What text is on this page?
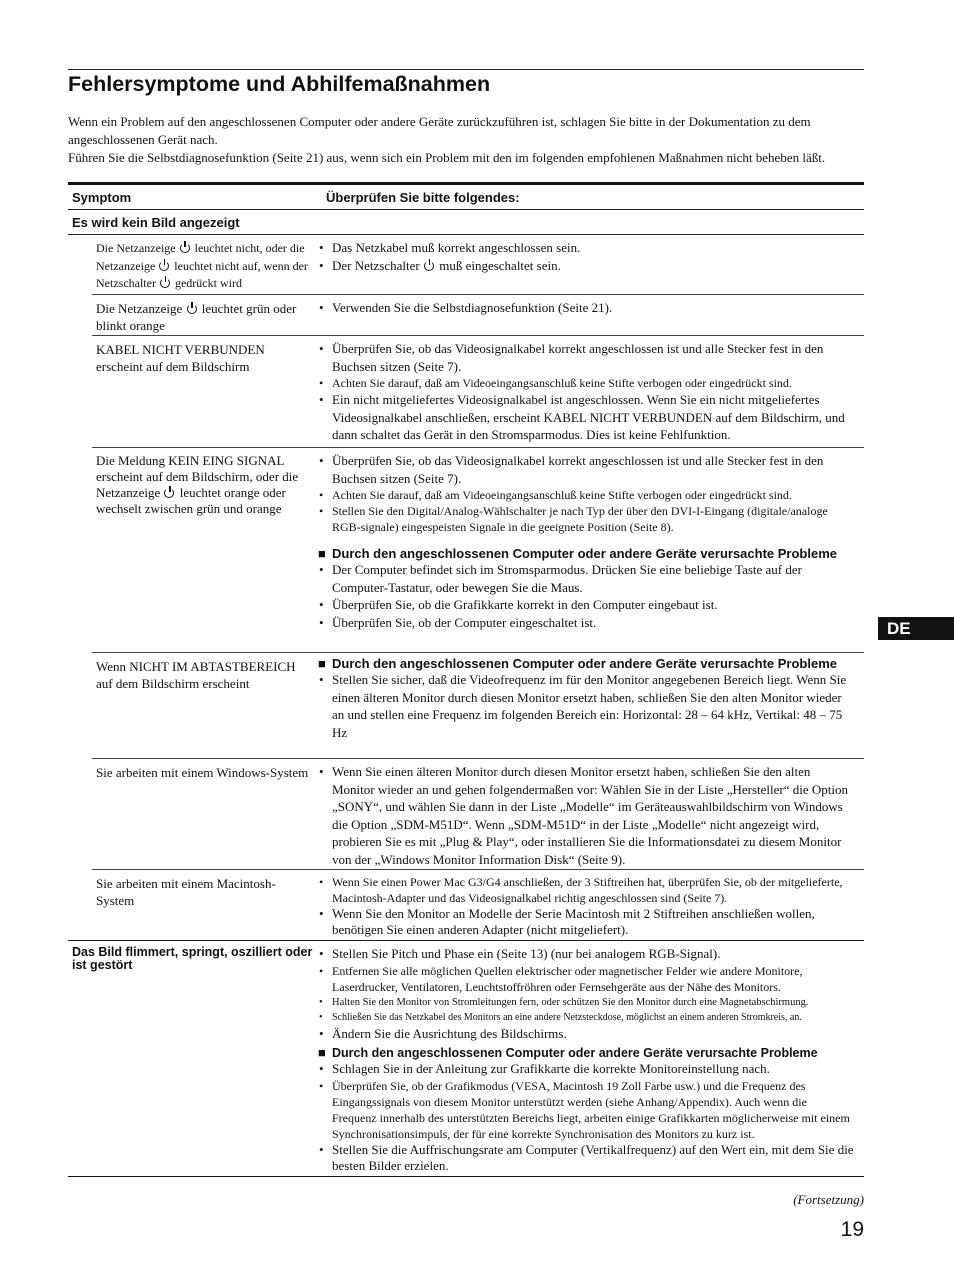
Fehlersymptome und Abhilfemaßnahmen

Wenn ein Problem auf den angeschlossenen Computer oder andere Geräte zurückzuführen ist, schlagen Sie bitte in der Dokumentation zu dem angeschlossenen Gerät nach.

Führen Sie die Selbstdiagnosefunktion (Seite 21) aus, wenn sich ein Problem mit den im folgenden empfohlenen Maßnahmen nicht beheben läßt.

Symptom	Überprüfen Sie bitte folgendes:
Es wird kein Bild angezeigt
Die Netzanzeige leuchtet nicht, oder die Netzanzeige leuchtet nicht auf, wenn der Netzschalter gedrückt wird
• Das Netzkabel muß korrekt angeschlossen sein.
• Der Netzschalter muß eingeschaltet sein.
Die Netzanzeige leuchtet grün oder blinkt orange
• Verwenden Sie die Selbstdiagnosefunktion (Seite 21).
KABEL NICHT VERBUNDEN erscheint auf dem Bildschirm
• Überprüfen Sie, ob das Videosignalkabel korrekt angeschlossen ist und alle Stecker fest in den Buchsen sitzen (Seite 7).
• Achten Sie darauf, daß am Videoeingangsanschluß keine Stifte verbogen oder eingedrückt sind.
• Ein nicht mitgeliefertes Videosignalkabel ist angeschlossen. Wenn Sie ein nicht mitgeliefertes Videosignalkabel anschließen, erscheint KABEL NICHT VERBUNDEN auf dem Bildschirm, und dann schaltet das Gerät in den Stromsparmodus. Dies ist keine Fehlfunktion.
Die Meldung KEIN EING SIGNAL erscheint auf dem Bildschirm, oder die Netzanzeige leuchtet orange oder wechselt zwischen grün und orange
• Überprüfen Sie, ob das Videosignalkabel korrekt angeschlossen ist und alle Stecker fest in den Buchsen sitzen (Seite 7).
• Achten Sie darauf, daß am Videoeingangsanschluß keine Stifte verbogen oder eingedrückt sind.
• Stellen Sie den Digital/Analog-Wählschalter je nach Typ der über den DVI-I-Eingang (digitale/analoge RGB-signale) eingespeisten Signale in die geeignete Position (Seite 8).
■ Durch den angeschlossenen Computer oder andere Geräte verursachte Probleme
• Der Computer befindet sich im Stromsparmodus. Drücken Sie eine beliebige Taste auf der Computer-Tastatur, oder bewegen Sie die Maus.
• Überprüfen Sie, ob die Grafikkarte korrekt in den Computer eingebaut ist.
• Überprüfen Sie, ob der Computer eingeschaltet ist.
Wenn NICHT IM ABTASTBEREICH auf dem Bildschirm erscheint
■ Durch den angeschlossenen Computer oder andere Geräte verursachte Probleme
• Stellen Sie sicher, daß die Videofrequenz im für den Monitor angegebenen Bereich liegt. Wenn Sie einen älteren Monitor durch diesen Monitor ersetzt haben, schließen Sie den alten Monitor wieder an und stellen eine Frequenz im folgenden Bereich ein: Horizontal: 28 – 64 kHz, Vertikal: 48 – 75 Hz
Sie arbeiten mit einem Windows-System
•	Wenn Sie einen älteren Monitor durch diesen Monitor ersetzt haben, schließen Sie den alten Monitor wieder an und gehen folgendermaßen vor: Wählen Sie in der Liste „Hersteller“ die Option „SONY“, und wählen Sie dann in der Liste „Modelle“ im Geräteauswahlbildschirm von Windows die Option „SDM-M51D“. Wenn „SDM-M51D“ in der Liste „Modelle“ nicht angezeigt wird, probieren Sie es mit „Plug & Play“, oder installieren Sie die Informationsdatei zu diesem Monitor von der „Windows Monitor Information Disk“ (Seite 9).
Sie arbeiten mit einem Macintosh-System
• Wenn Sie einen Power Mac G3/G4 anschließen, der 3 Stiftreihen hat, überprüfen Sie, ob der mitgelieferte, Macintosh-Adapter und das Videosignalkabel richtig angeschlossen sind (Seite 7).
• Wenn Sie den Monitor an Modelle der Serie Macintosh mit 2 Stiftreihen anschließen wollen, benötigen Sie einen anderen Adapter (nicht mitgeliefert).
Das Bild flimmert, springt, oszilliert oder ist gestört
• Stellen Sie Pitch und Phase ein (Seite 13) (nur bei analogem RGB-Signal).
• Entfernen Sie alle möglichen Quellen elektrischer oder magnetischer Felder wie andere Monitore, Laserdrucker, Ventilatoren, Leuchtstoffröhren oder Fernsehgeräte aus der Nähe des Monitors.
• Halten Sie den Monitor von Stromleitungen fern, oder schützen Sie den Monitor durch eine Magnetabschirmung.
• Schließen Sie das Netzkabel des Monitors an eine andere Netzsteckdose, möglichst an einem anderen Stromkreis, an.
• Ändern Sie die Ausrichtung des Bildschirms.
■ Durch den angeschlossenen Computer oder andere Geräte verursachte Probleme
• Schlagen Sie in der Anleitung zur Grafikkarte die korrekte Monitoreinstellung nach.
• Überprüfen Sie, ob der Grafikmodus (VESA, Macintosh 19 Zoll Farbe usw.) und die Frequenz des Eingangssignals von diesem Monitor unterstützt werden (siehe Anhang/Appendix). Auch wenn die Frequenz innerhalb des unterstützten Bereichs liegt, arbeiten einige Grafikkarten möglicherweise mit einem Synchronisationsimpuls, der für eine korrekte Synchronisation des Monitors zu kurz ist.
• Stellen Sie die Auffrischungsrate am Computer (Vertikalfrequenz) auf den Wert ein, mit dem Sie die besten Bilder erzielen.
DE
(Fortsetzung)
19
